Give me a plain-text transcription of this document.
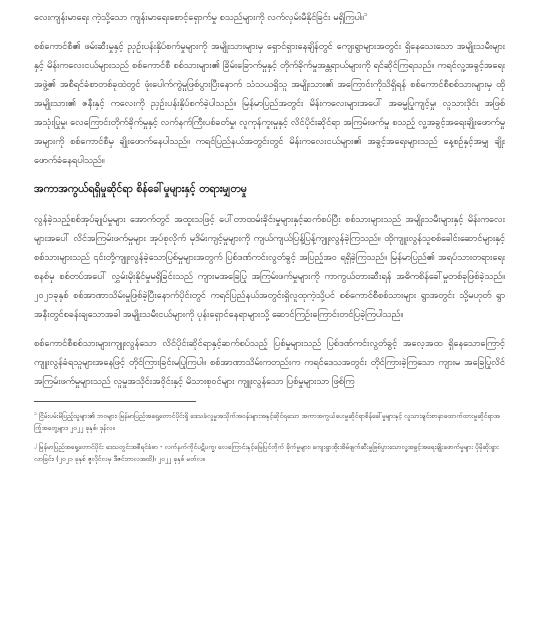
လေးကျန်းမာရေး ကဲ့သို့သော ကျန်းမာရေးစောင့်ရှောက်မှု စသည်များကို လက်လှမ်းမီနိုင်ခြင်း မရှိကြပါ။$^၁$

စစ်ကောင်စီ၏ ဖမ်းဆီးမှုနှင့် ညှဉ်းပန်းနှိပ်စက်မှုများကို အမျိုးသားများမှ ရှောင်ရှားနေချိန်တွင် ကျေးရွာများအတွင်း ရှိနေသေးသော အမျိုးသမီးများနှင့် မိန်းကလေးငယ်များသည် စစ်ကောင်စီ စစ်သားများ၏ ခြိမ်းခြောက်မှုနှင့် တိုက်ခိုက်မှုအန္တရာယ်များကို ရင်ဆိုင်ကြရသည်။ ကရင်လူ့အခွင့်အရေးအဖွဲ့၏ အစီရင်ခံစာတစ်ခုထဲတွင် ဖုံးပေါက်ကွဲမှုဖြစ်ပွားပြီးနောက် သံသယရှိသူ အမျိုးသား၏ အကြောင်းကိုသိရှိရန် စစ်ကောင်စီစစ်သားများမှ ထိုအမျိုးသား၏ ဇနီးနှင့် ကလေးကို ညှဉ်းပန်းနှိပ်စက်ခဲ့ပါသည်။ မြန်မာပြည်အတွင်း မိန်းကလေးများအပေါ် အဓမ္မပြုကျင့်မှု၊ လူသားဒိုင်း အဖြစ်အသုံးပြုမှု၊ လေကြောင်းတိုက်ခိုက်မှုနှင့် လက်နက်ကြီးပစ်ခတ်မှု၊ လူကုန်ကူးမှုနှင့် လိင်ပိုင်းဆိုင်ရာ အကြမ်းဖက်မှု စသည့် လူ့အခွင့်အရေးချိုးဖောက်မှု အများကို စစ်ကောင်စီမှ ချိုးဖောက်နေပါသည်။ ကရင်ပြည်နယ်အတွင်းတွင် မိန်းကလေးငယ်များ၏ အခွင့်အရေးများသည် နေ့စဉ်နှင့်အမျှ ချိုးဖောက်ခံနေရပါသည်။

အကာအကွယ်ရရှိမှုဆိုင်ရာ စိန်ခေါ်မှုများနှင့် တရားမျှတမှု

လွန်ခဲ့သည့်စစ်အုပ်ချုပ်မှုများ အောက်တွင် အထူးသဖြင့် ပေါ်တာထမ်းခိုင်းမှုများနှင့်ဆက်စပ်ပြီး စစ်သားများသည် အမျိုးသမီးများနှင့် မိန်းကလေးများအပေါ် လိင်အကြမ်းဖက်မှုများ အုပ်စုလိုက် မုဒိမ်းကျင့်မှုများကို ကျယ်ကျယ်ပြန့်ပြန့်ကျူးလွန်ခဲ့ကြသည်။ ထိုကျူးလွန်သူစစ်ခေါင်းဆောင်များနှင့် စစ်သားများသည် ၎င်းတို့ကျူးလွန်ခဲ့သောပြစ်မှုများအတွက် ပြစ်ဒဏ်ကင်းလွတ်ခွင့် အပြည့်အဝ ရရှိခဲ့ကြသည်။ မြန်မာပြည်၏ အရပ်သားတရားရေးစနစ်မှ စစ်တပ်အပေါ် လွှမ်းမိုးနိုင်မှုမရှိခြင်းသည် ကျားမအခြေပြု အကြမ်းဖက်မှုများကို ကာကွယ်တားဆီးရန် အဓိကစိန်ခေါ်မှုတစ်ခုဖြစ်ခဲ့သည်။ ၂၀၂၁ခုနှစ် စစ်အာဏာသိမ်းမှုဖြစ်ခဲ့ပြီးနောက်ပိုင်းတွင် ကရင်ပြည်နယ်အတွင်းရှိလူထုကဲ့သို့ပင် စစ်ကောင်စီစစ်သားများ ရွာအတွင်း သို့မဟုတ် ရွာအနီးတွင်စခန်းချသောအခါ အမျိုးသမီးငယ်များကို ပုန်းရှောင်နေရာများသို့ ဆောင်ကြဉ်းကြောင်းတင်ပြခဲ့ကြပါသည်။

စစ်ကောင်စီစစ်သားများကျူးလွန်သော လိင်ပိုင်းဆိုင်ရာနှင့်ဆက်စပ်သည့် ပြစ်မှုများသည် ပြစ်ဒဏ်ကင်းလွတ်ခွင့် အလေ့အထ ရှိနေသောကြောင့် ကျူးလွန်ခံရသူများအနေဖြင့် တိုင်ကြားခြင်းမပြုကြပါ။ စစ်အာဏာသိမ်းကတည်းက ကရင်ဒေသအတွင်း တိုင်ကြားခဲ့ကြသော ကျားမ အခြေပြုလိင်အကြမ်းဖက်မှုများသည် လူမှုအသိုင်းအဝိုင်းနှင့် မိသားစုဝင်များ ကျူးလွန်သော ပြစ်မှုများသာ ဖြစ်ကြ

$^၁$ ငြိမ်းပမ်းမိပြည့်သူများ၏ ဘဝများ၊ မြန်မာပြည်အရှေ့တောင်ပိုင်းရှိ ဒေသခံလူမှုအသိုက်အဝန်းများအနှင့်ဆိုင်ရသော အကာအကွယ်ပေးမှုဆိုင်ရာစိန်ခေါ်မှုများနှင့် လူသားချင်းစာနာထောက်ထားမှုဆိုင်ရာအကြုံအတွေ့များ၊ ၂၀၂၂ ခုနှစ်၊ ဒုန်လ။

$^၂$ မြန်မာပြည်အရှေ့တောင်ပိုင်း ဒေသတွင်းအစီရင်ခံစာ - လက်နက်ကိုင်ပဋိပက္ခ၊ လေကြောင်းနှင့်မြေပြင်တိုက် ခိုက်မှုများ၊ ကျေးရွာအိုးအိမ်ဖျက်ဆီးမှုဖြစ်ပွားသောလူ့အခွင့်အရေးချိုးဖောက်မှုများ ပိုမိုဆိုးရွားလာခြင်း၊ (၂၀၂၁ ခုနှစ် ဇူလိုင်လမှ ဒီဇင်ဘာလအထိ)၊ ၂၀၂၂ ခုနှစ် မတ်လ။
